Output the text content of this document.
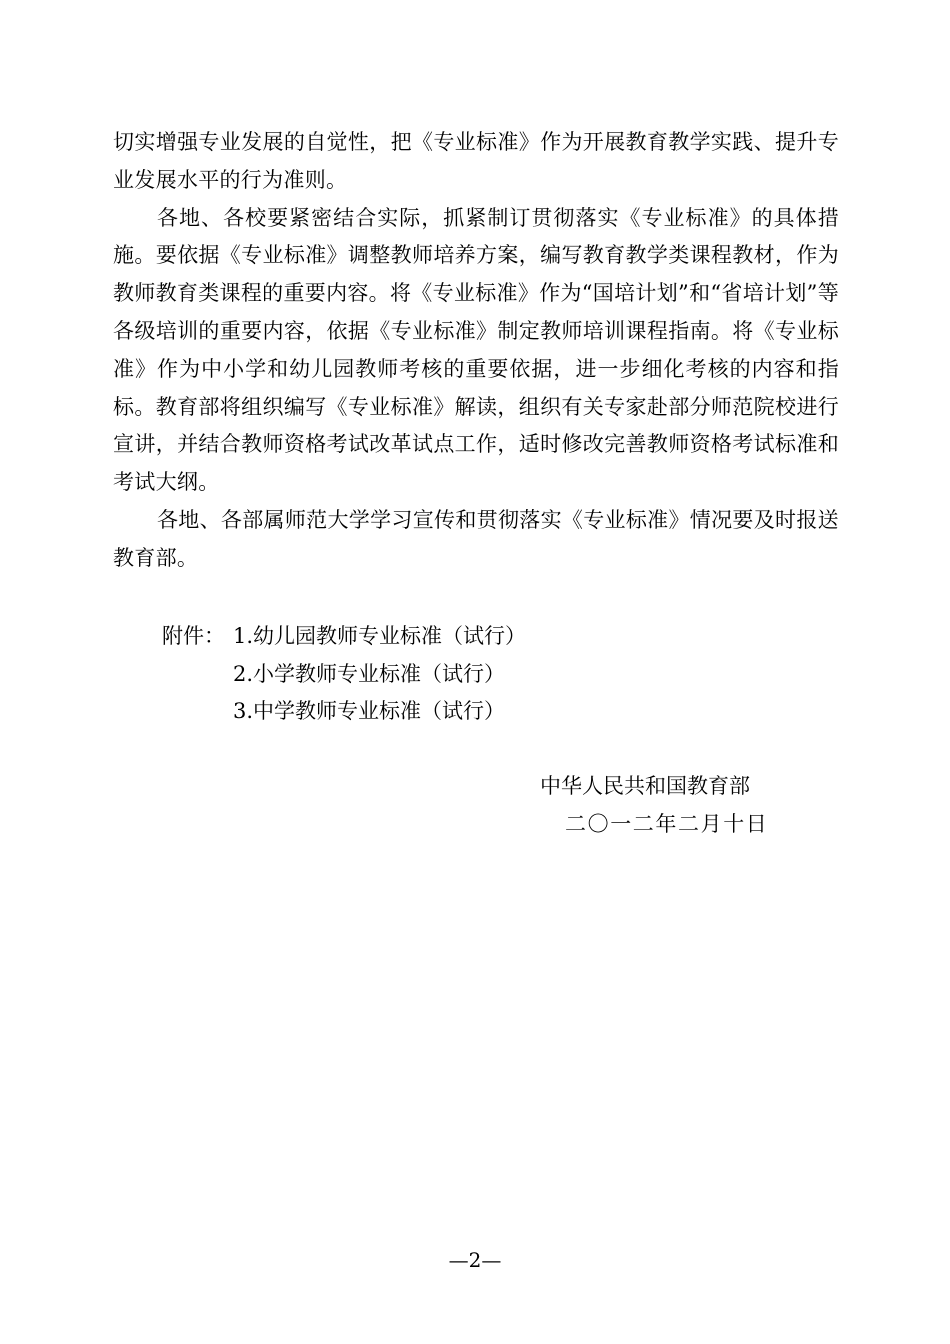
切实增强专业发展的自觉性，把《专业标准》作为开展教育教学实践、提升专业发展水平的行为准则。

各地、各校要紧密结合实际，抓紧制订贯彻落实《专业标准》的具体措施。要依据《专业标准》调整教师培养方案，编写教育教学类课程教材，作为教师教育类课程的重要内容。将《专业标准》作为“国培计划”和“省培计划”等各级培训的重要内容，依据《专业标准》制定教师培训课程指南。将《专业标准》作为中小学和幼儿园教师考核的重要依据，进一步细化考核的内容和指标。教育部将组织编写《专业标准》解读，组织有关专家赴部分师范院校进行宣讲，并结合教师资格考试改革试点工作，适时修改完善教师资格考试标准和考试大纲。

各地、各部属师范大学学习宣传和贯彻落实《专业标准》情况要及时报送教育部。

附件： 1.幼儿园教师专业标准（试行）
2.小学教师专业标准（试行）
3.中学教师专业标准（试行）
中华人民共和国教育部
二〇一二年二月十日
—2—
